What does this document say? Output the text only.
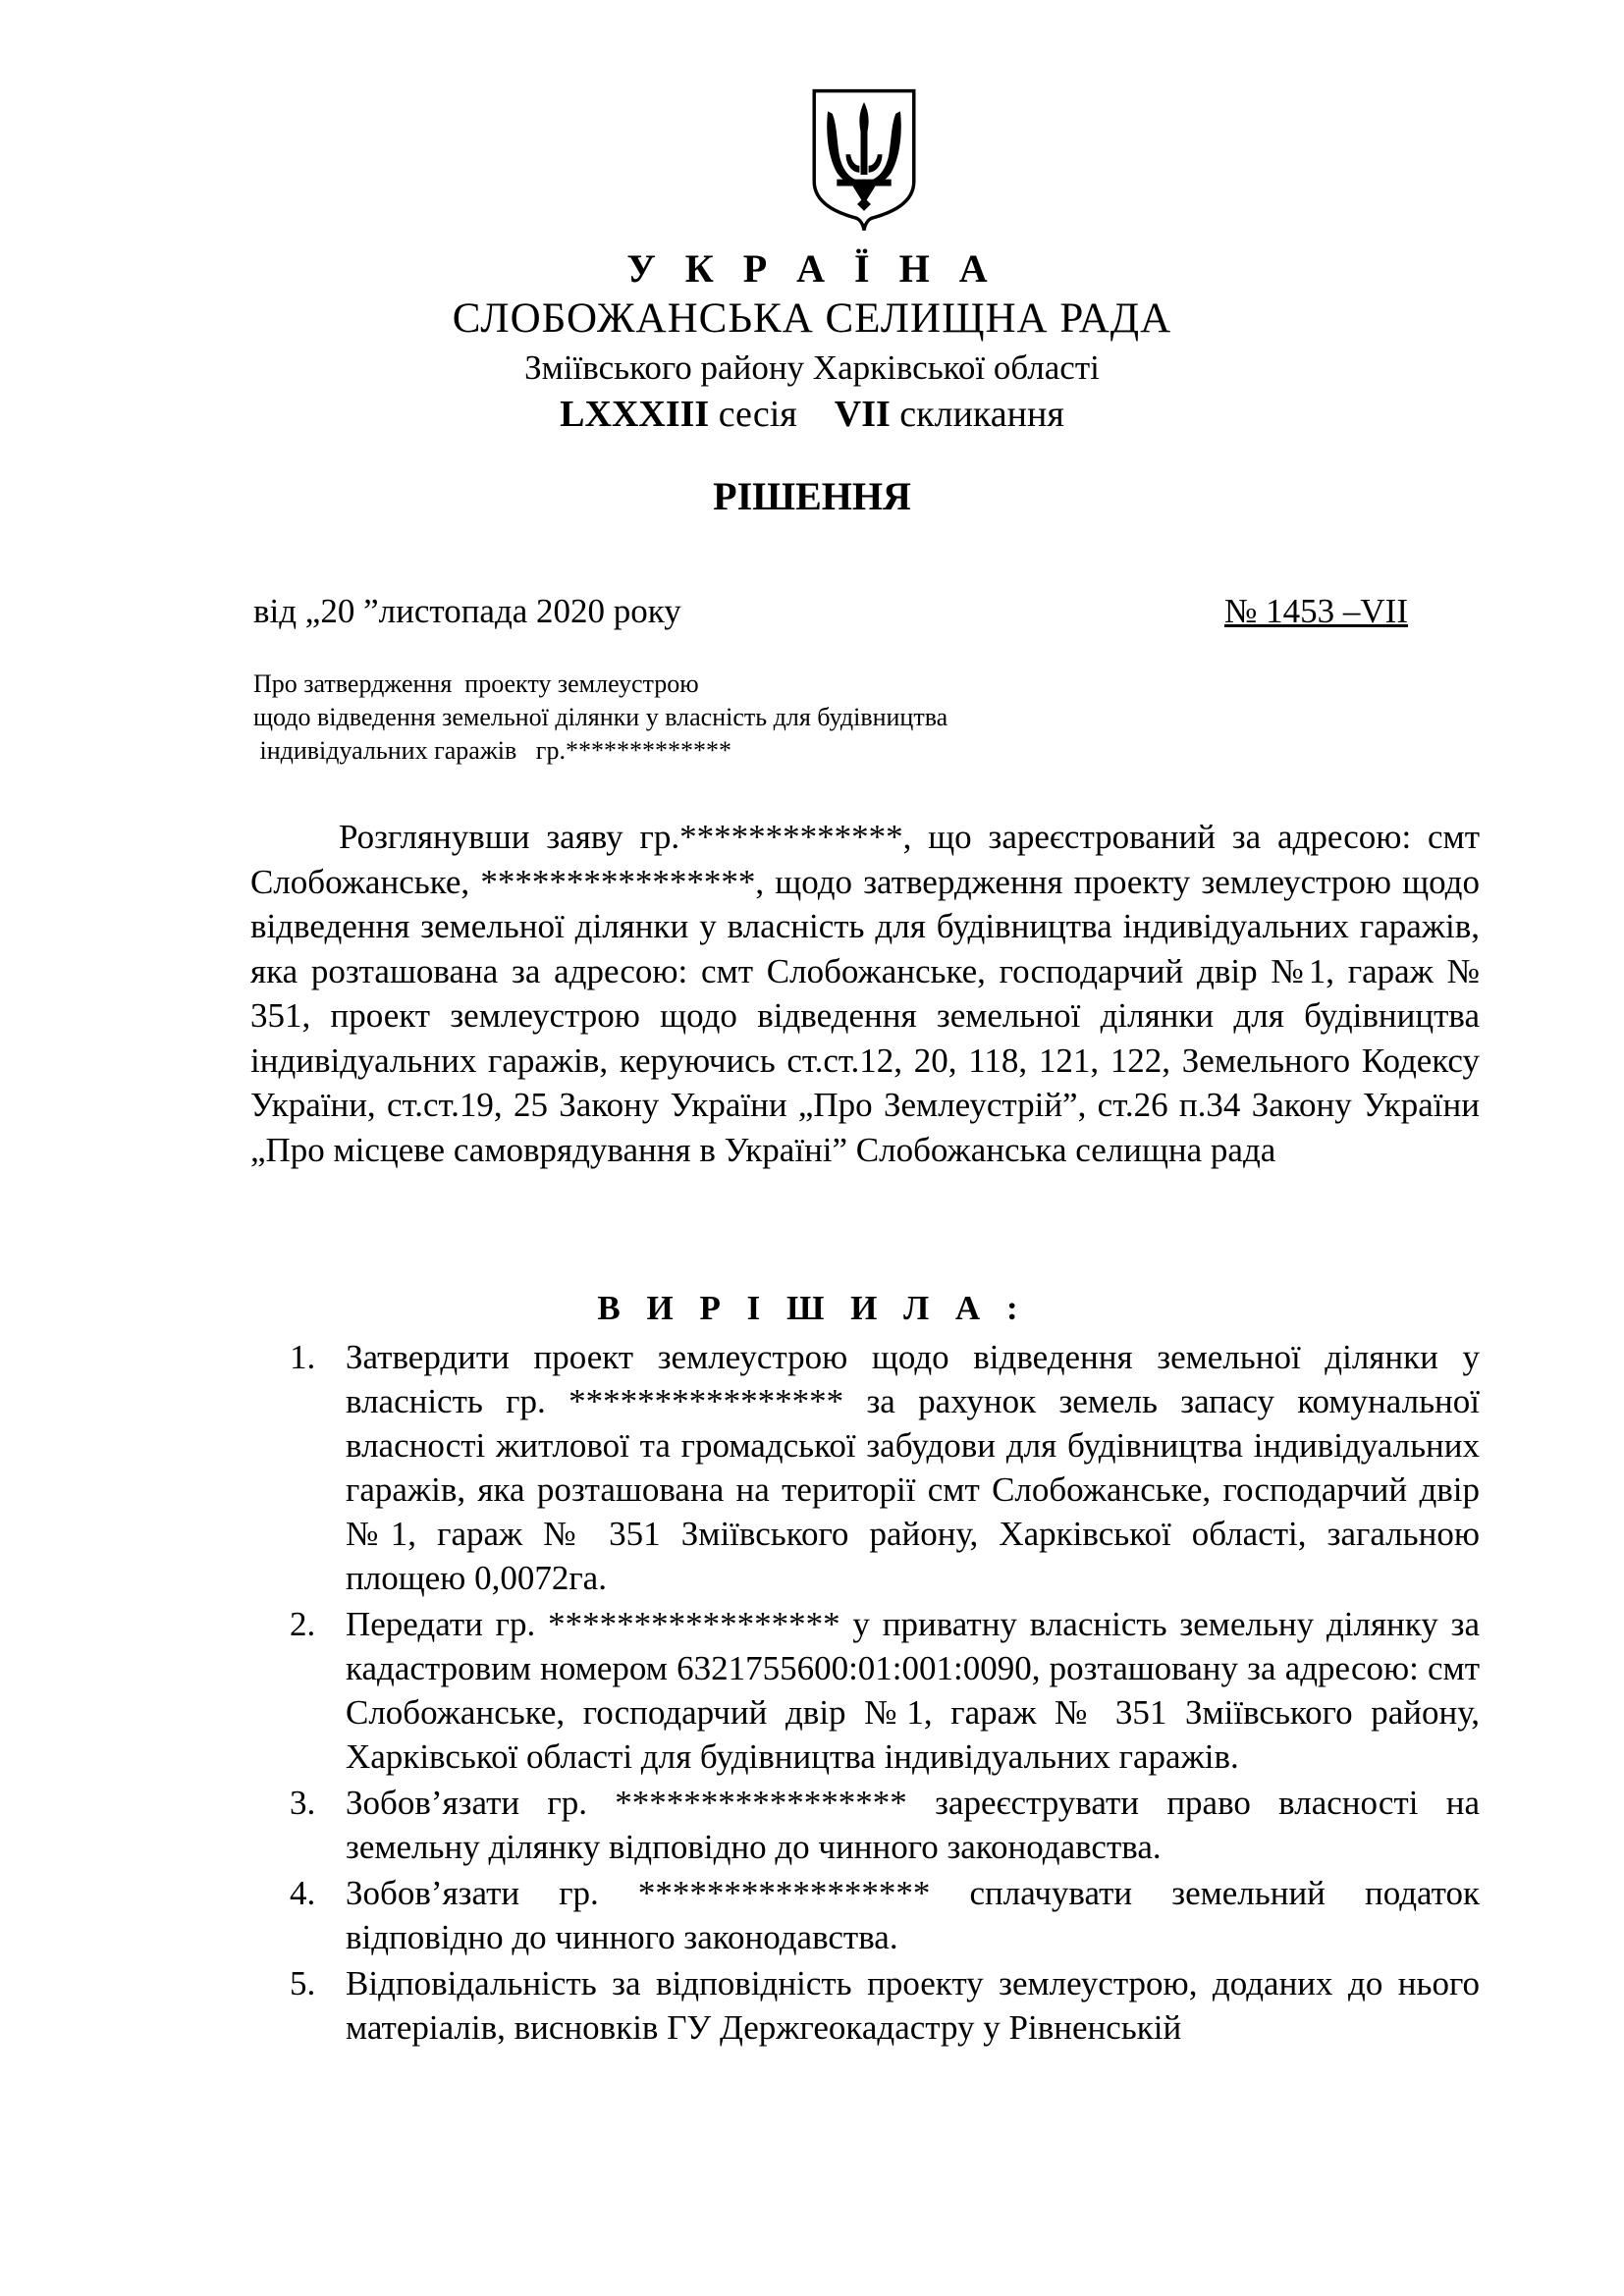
У К Р А Ї Н А
СЛОБОЖАНСЬКА СЕЛИЩНА РАДА
Зміївського району Харківської області
LXXXIII сесія    VII скликання
РІШЕННЯ
від „20 ”листопада 2020 року	№ 1453 –VII
Про затвердження  проекту землеустрою
щодо відведення земельної ділянки у власність для будівництва
індивідуальних гаражів   гр.*************
Розглянувши заяву гр.*************, що зареєстрований за адресою: смт Слобожанське, ****************, щодо затвердження проекту землеустрою щодо відведення земельної ділянки у власність для будівництва індивідуальних гаражів, яка розташована за адресою: смт Слобожанське, господарчий двір №1, гараж № 351, проект землеустрою щодо відведення земельної ділянки для будівництва індивідуальних гаражів, керуючись ст.ст.12, 20, 118, 121, 122, Земельного Кодексу України, ст.ст.19, 25 Закону України „Про Землеустрій”, ст.26 п.34 Закону України „Про місцеве самоврядування в Україні” Слобожанська селищна рада
В И Р І Ш И Л А :
1. Затвердити проект землеустрою щодо відведення земельної ділянки у власність гр. **************** за рахунок земель запасу комунальної власності житлової та громадської забудови для будівництва індивідуальних гаражів, яка розташована на території смт Слобожанське, господарчий двір №1, гараж № 351 Зміївського району, Харківської області, загальною площею 0,0072га.
2. Передати гр. ***************** у приватну власність земельну ділянку за кадастровим номером 6321755600:01:001:0090, розташовану за адресою: смт Слобожанське, господарчий двір №1, гараж № 351 Зміївського району, Харківської області для будівництва індивідуальних гаражів.
3. Зобов’язати гр. ***************** зареєструвати право власності на земельну ділянку відповідно до чинного законодавства.
4. Зобов’язати гр. ***************** сплачувати земельний податок відповідно до чинного законодавства.
5. Відповідальність за відповідність проекту землеустрою, доданих до нього матеріалів, висновків ГУ Держгеокадастру у Рівненській
